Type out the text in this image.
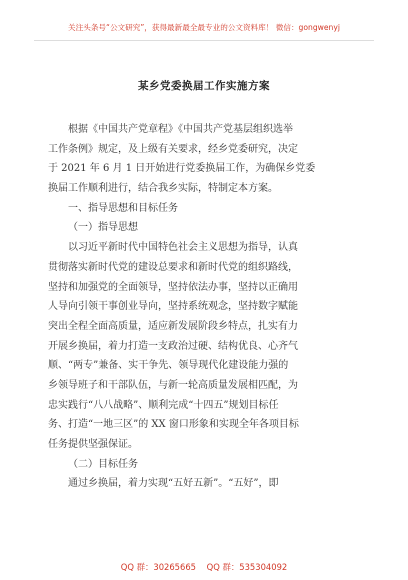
关注头条号“公文研究”，获得最新最全最专业的公文资料库！ 微信：gongwenyj
某乡党委换届工作实施方案
根据《中国共产党章程》《中国共产党基层组织选举
工作条例》规定，及上级有关要求，经乡党委研究，决定
于 2021 年 6 月 1 日开始进行党委换届工作，为确保乡党委
换届工作顺利进行，结合我乡实际，特制定本方案。
一、指导思想和目标任务
（一）指导思想
以习近平新时代中国特色社会主义思想为指导，认真
贯彻落实新时代党的建设总要求和新时代党的组织路线，
坚持和加强党的全面领导，坚持依法办事，坚持以正确用
人导向引领干事创业导向，坚持系统观念，坚持数字赋能
突出全程全面高质量，适应新发展阶段乡特点，扎实有力
开展乡换届，着力打造一支政治过硬、结构优良、心齐气
顺、“两专”兼备、实干争先、领导现代化建设能力强的
乡领导班子和干部队伍，与新一轮高质量发展相匹配，为
忠实践行“八八战略”、顺利完成“十四五”规划目标任
务、打造“一地三区”的 XX 窗口形象和实现全年各项目标
任务提供坚强保证。
（二）目标任务
通过乡换届，着力实现“五好五新”。“五好”，即
QQ 群：30265665 QQ 群：535304092
